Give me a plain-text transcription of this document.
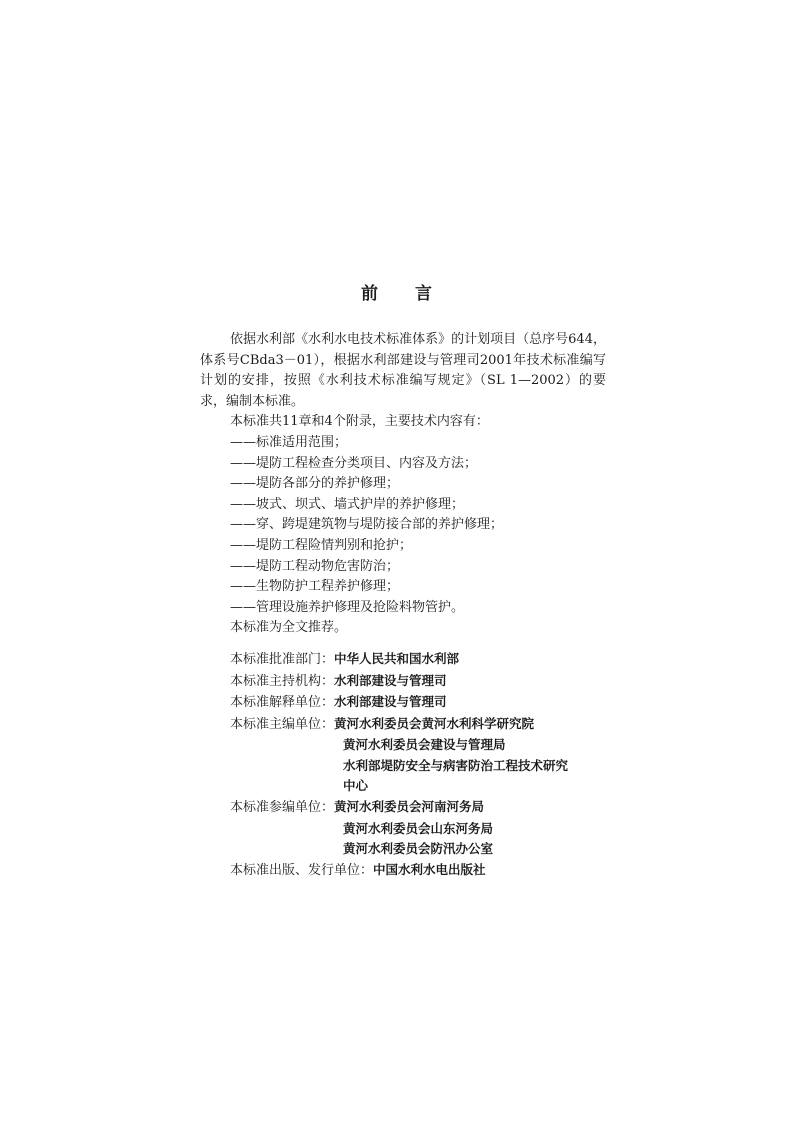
前 言

依据水利部《水利水电技术标准体系》的计划项目（总序号644，体系号CBda3－01），根据水利部建设与管理司2001年技术标准编写计划的安排，按照《水利技术标准编写规定》（SL 1—2002）的要求，编制本标准。

本标准共11章和4个附录，主要技术内容有：

——标准适用范围；

——堤防工程检查分类项目、内容及方法；

——堤防各部分的养护修理；

——坡式、坝式、墙式护岸的养护修理；

——穿、跨堤建筑物与堤防接合部的养护修理；

——堤防工程险情判别和抢护；

——堤防工程动物危害防治；

——生物防护工程养护修理；

——管理设施养护修理及抢险料物管护。

本标准为全文推荐。

本标准批准部门：中华人民共和国水利部

本标准主持机构：水利部建设与管理司

本标准解释单位：水利部建设与管理司

本标准主编单位：黄河水利委员会黄河水利科学研究院
黄河水利委员会建设与管理局
水利部堤防安全与病害防治工程技术研究
中心

本标准参编单位：黄河水利委员会河南河务局
黄河水利委员会山东河务局
黄河水利委员会防汛办公室

本标准出版、发行单位：中国水利水电出版社
